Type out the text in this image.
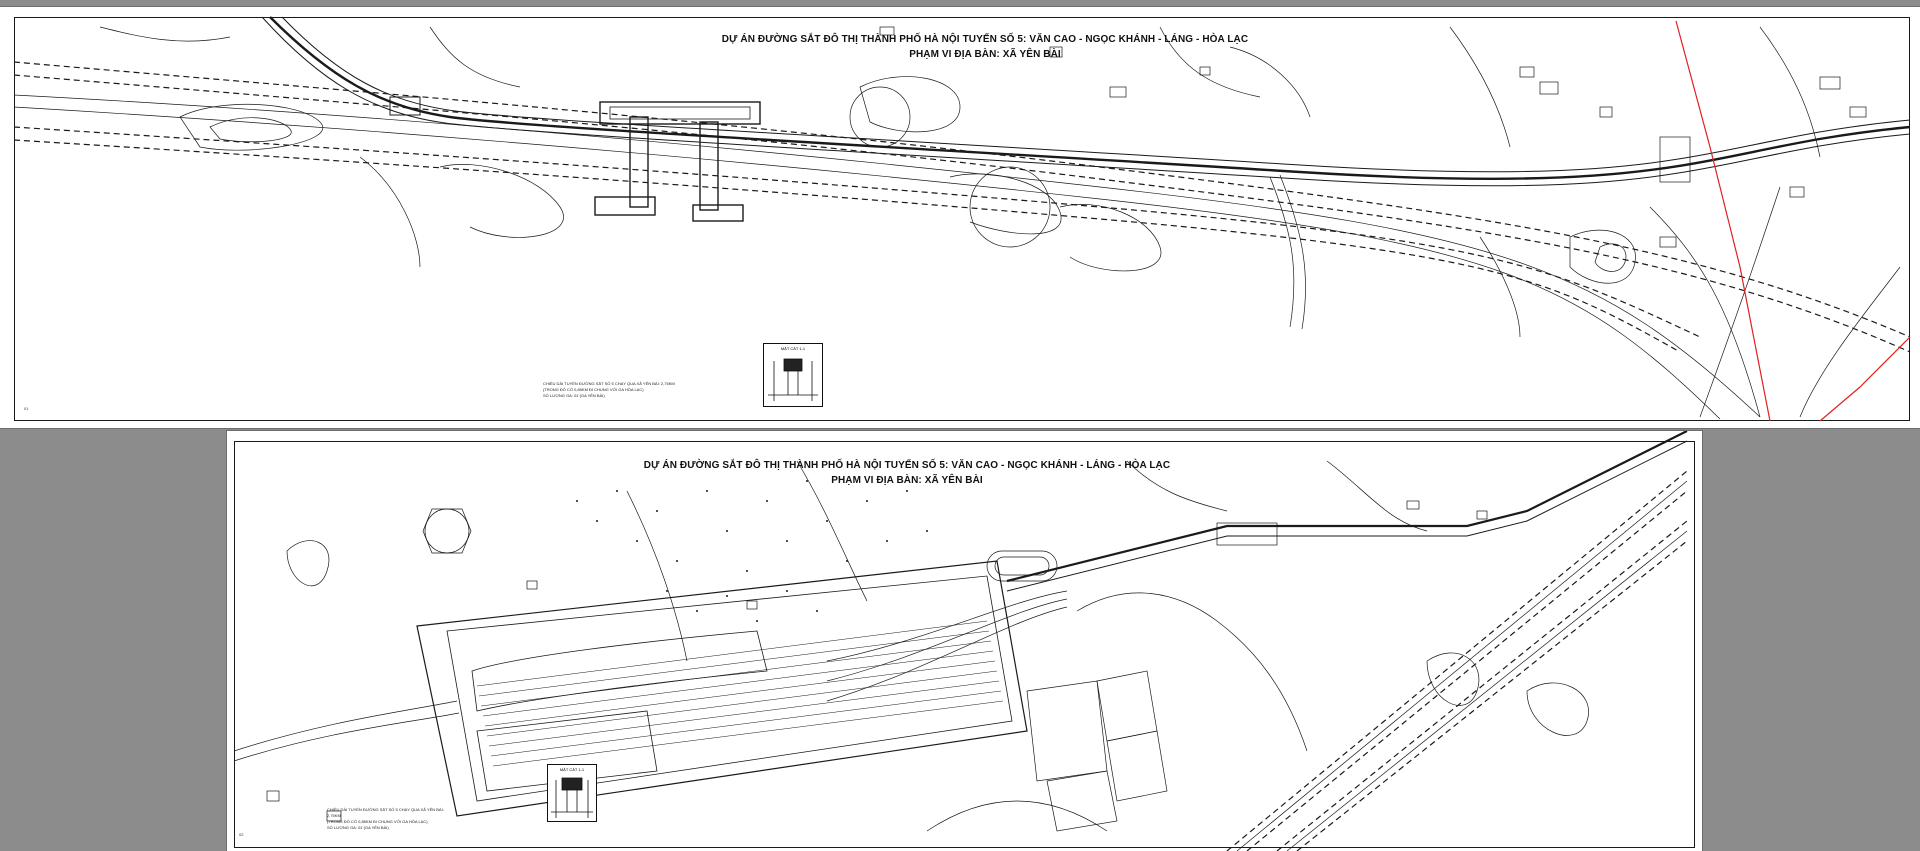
DỰ ÁN ĐƯỜNG SẮT ĐÔ THỊ THÀNH PHỐ HÀ NỘI TUYẾN SỐ 5: VĂN CAO - NGỌC KHÁNH - LÁNG - HÒA LẠC
PHẠM VI ĐỊA BÀN: XÃ YÊN BÀI
MẶT CẮT 1-1
CHIỀU DÀI TUYẾN ĐƯỜNG SẮT SỐ 5 CHẠY QUA XÃ YÊN BÀI: 2,75KM
(TRONG ĐÓ CÓ 0,85KM ĐI CHUNG VỚI GA HÒA LẠC)
SỐ LƯỢNG GA: 01 (GA YÊN BÀI)
01
DỰ ÁN ĐƯỜNG SẮT ĐÔ THỊ THÀNH PHỐ HÀ NỘI TUYẾN SỐ 5: VĂN CAO - NGỌC KHÁNH - LÁNG - HÒA LẠC
PHẠM VI ĐỊA BÀN: XÃ YÊN BÀI
MẶT CẮT 1-1
CHIỀU DÀI TUYẾN ĐƯỜNG SẮT SỐ 5 CHẠY QUA XÃ YÊN BÀI: 2,75KM
(TRONG ĐÓ CÓ 0,85KM ĐI CHUNG VỚI GA HÒA LẠC)
SỐ LƯỢNG GA: 01 (GA YÊN BÀI)
02
